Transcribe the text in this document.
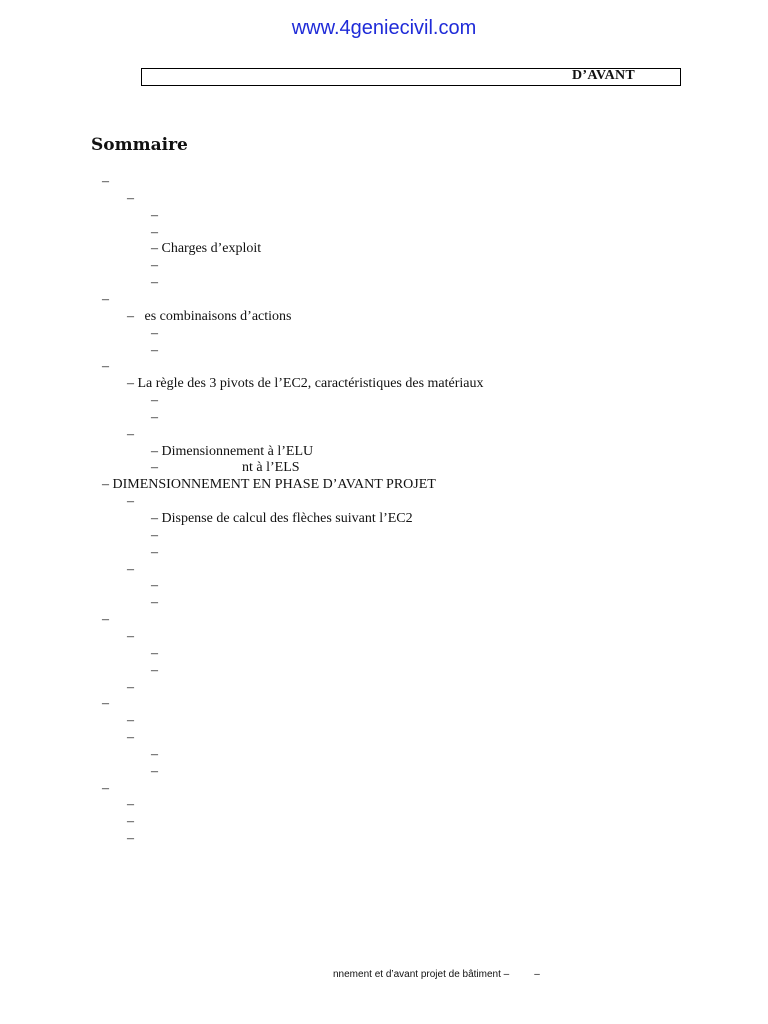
www.4geniecivil.com
D’AVANT
Sommaire
–
–
–
–
– Charges d’exploit
–
–
–
–   es combinaisons d’actions
–
–
–
– La règle des 3 pivots de l’EC2, caractéristiques des matériaux
–
–
–
– Dimensionnement à l’ELU
–                        nt à l’ELS
– DIMENSIONNEMENT EN PHASE D’AVANT PROJET
–
– Dispense de calcul des flèches suivant l’EC2
–
–
–
–
–
–
–
–
–
–
–
–
–
–
–
–
–
–
–
nnement et d’avant projet de bâtiment –         –
